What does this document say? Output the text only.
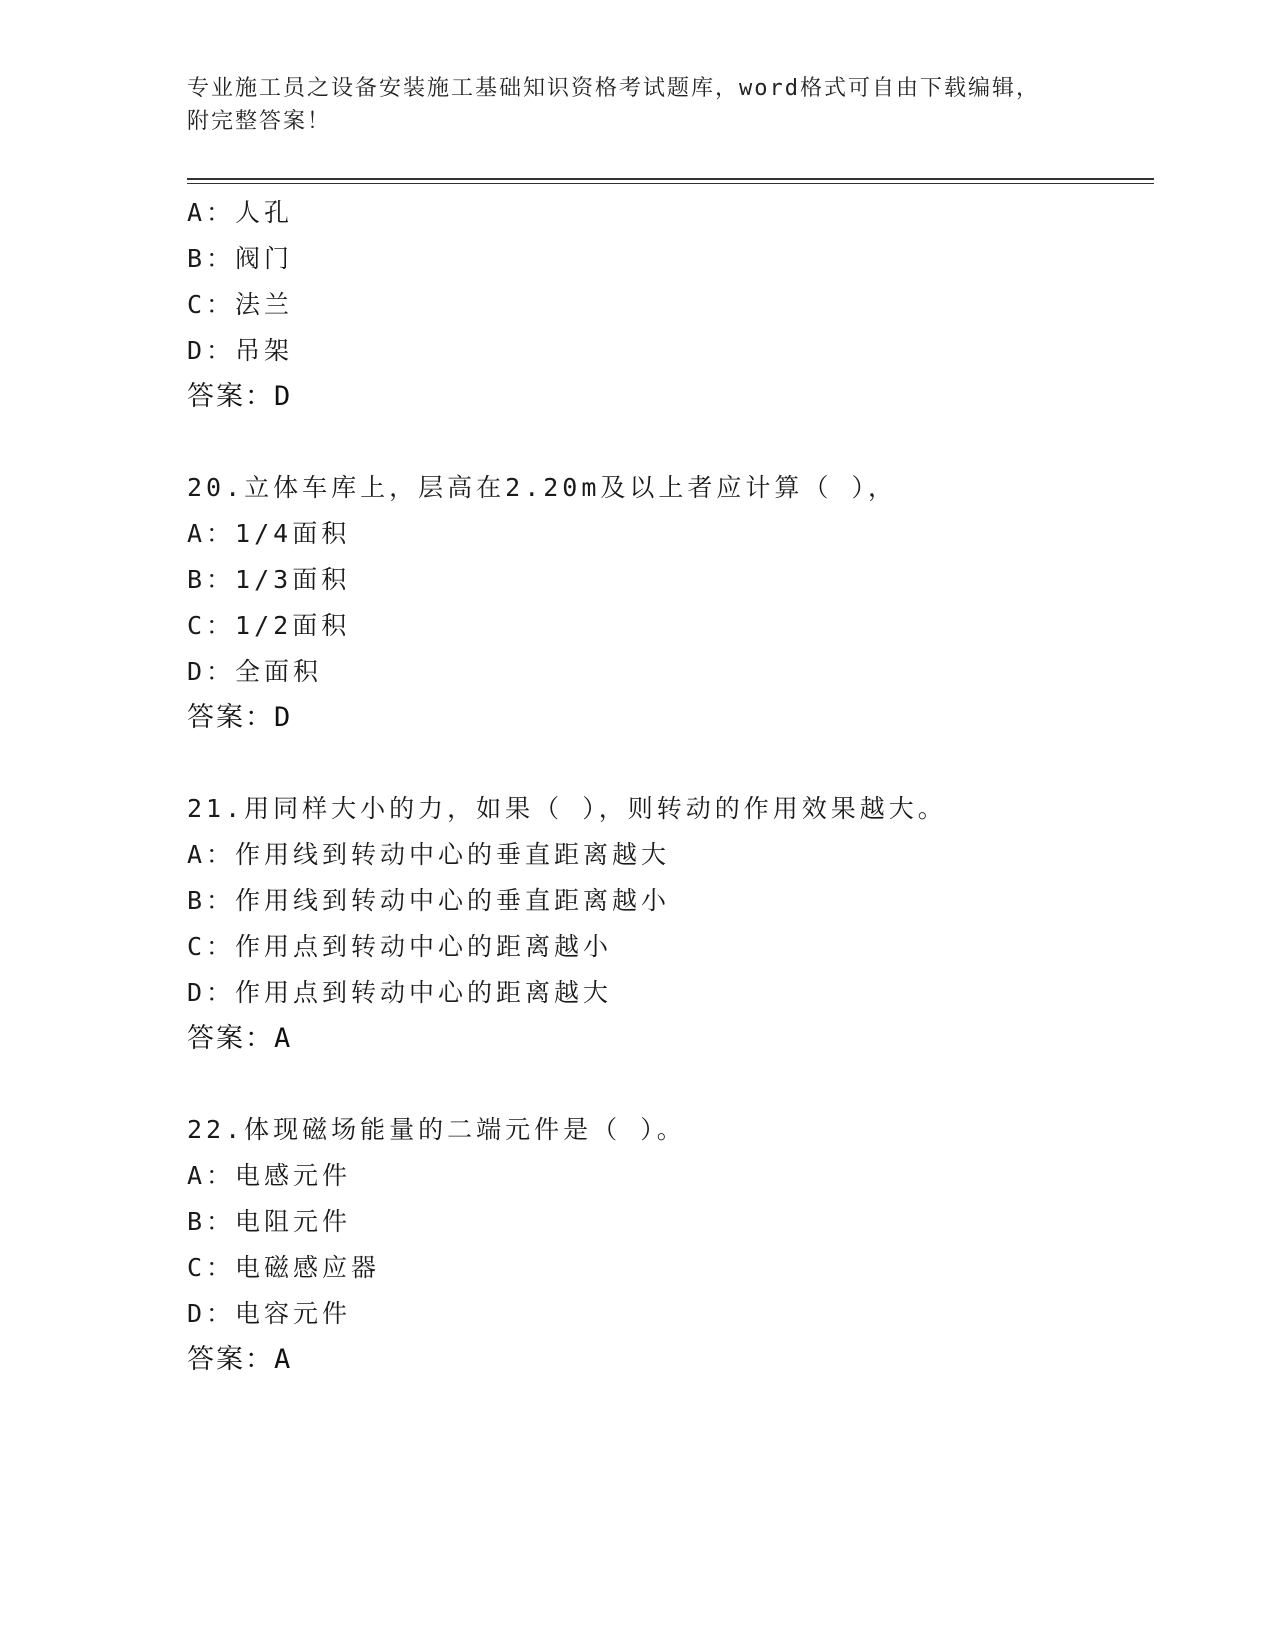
专业施工员之设备安装施工基础知识资格考试题库，word格式可自由下载编辑，
附完整答案！
A：人孔
B：阀门
C：法兰
D：吊架
答案：D
20.立体车库上，层高在2.20m及以上者应计算（ ），
A：1/4面积
B：1/3面积
C：1/2面积
D：全面积
答案：D
21.用同样大小的力，如果（ ），则转动的作用效果越大。
A：作用线到转动中心的垂直距离越大
B：作用线到转动中心的垂直距离越小
C：作用点到转动中心的距离越小
D：作用点到转动中心的距离越大
答案：A
22.体现磁场能量的二端元件是（ ）。
A：电感元件
B：电阻元件
C：电磁感应器
D：电容元件
答案：A
